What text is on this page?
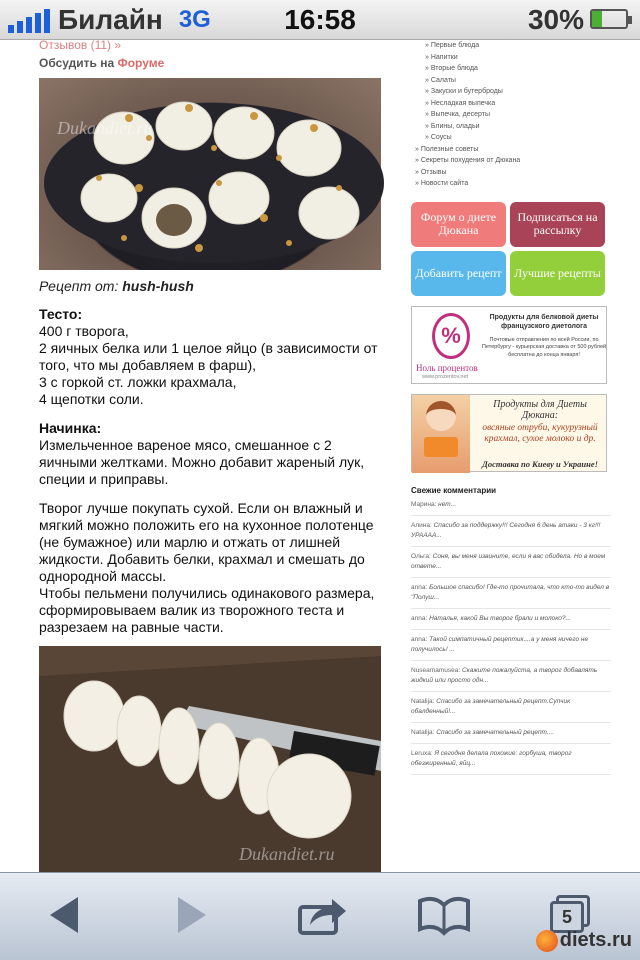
Билайн 3G	16:58	30%
Отзывов (11) »
Обсудить на Форуме
Dukandiet.ru
Рецепт от: hush-hush
Тесто:
400 г творога,
2 яичных белка или 1 целое яйцо (в зависимости от того, что мы добавляем в фарш),
3 с горкой ст. ложки крахмала,
4 щепотки соли.
Начинка:
Измельченное вареное мясо, смешанное с 2 яичными желтками. Можно добавит жареный лук, специи и приправы.
Творог лучше покупать сухой. Если он влажный и мягкий можно положить его на кухонное полотенце (не бумажное) или марлю и отжать от лишней жидкости. Добавить белки, крахмал и смешать до однородной массы.
Чтобы пельмени получились одинакового размера, сформировываем валик из творожного теста и разрезаем на равные части.
Dukandiet.ru
» Первые блюда
» Напитки
» Вторые блюда
» Салаты
» Закуски и бутерброды
» Несладкая выпечка
» Выпечка, десерты
» Блины, оладьи
» Соусы
» Полезные советы
» Секреты похудения от Дюкана
» Отзывы
» Новости сайта
Форум о диете Дюкана
Подписаться на рассылку
Добавить рецепт	Лучшие рецепты
%
Продукты для белковой диеты французского диетолога
Почтовые отправления по всей России, по Петербургу - курьерская доставка от 500 рублей бесплатна до конца января!
Ноль процентов
www.prozentov.net
Продукты для Диеты Дюкана:
овсяные отруби, кукурузный крахмал, сухое молоко и др.
Доставка по Киеву и Украине!
Свежие комментарии
Марина: нет...
Алина: Спасибо за поддержку!!! Сегодня 6 день атаки - 3 кг!!! УРАААА...
Ольга: Соня, вы меня извините, если я вас обидела. Но в моем ответе...
anna: Большое спасибо! Где-то прочитала, что кто-то видел в "Полуш...
anna: Наталья, какой Вы творог брали и молоко?...
anna: Такой симпатичный рецептик....а у меня ничего не получилось! ...
Nuseamamusea: Скажите пожалуйста, а творог добавлять жидкий или просто одн...
Natalija: Спасибо за замечательный рецепт.Супчик обалденный!...
Natalija: Спасибо за замечательный рецепт....
Leruxa: Я сегодня делала похожие: горбуша, творог обезжиренный, яйц...
5
diets.ru
